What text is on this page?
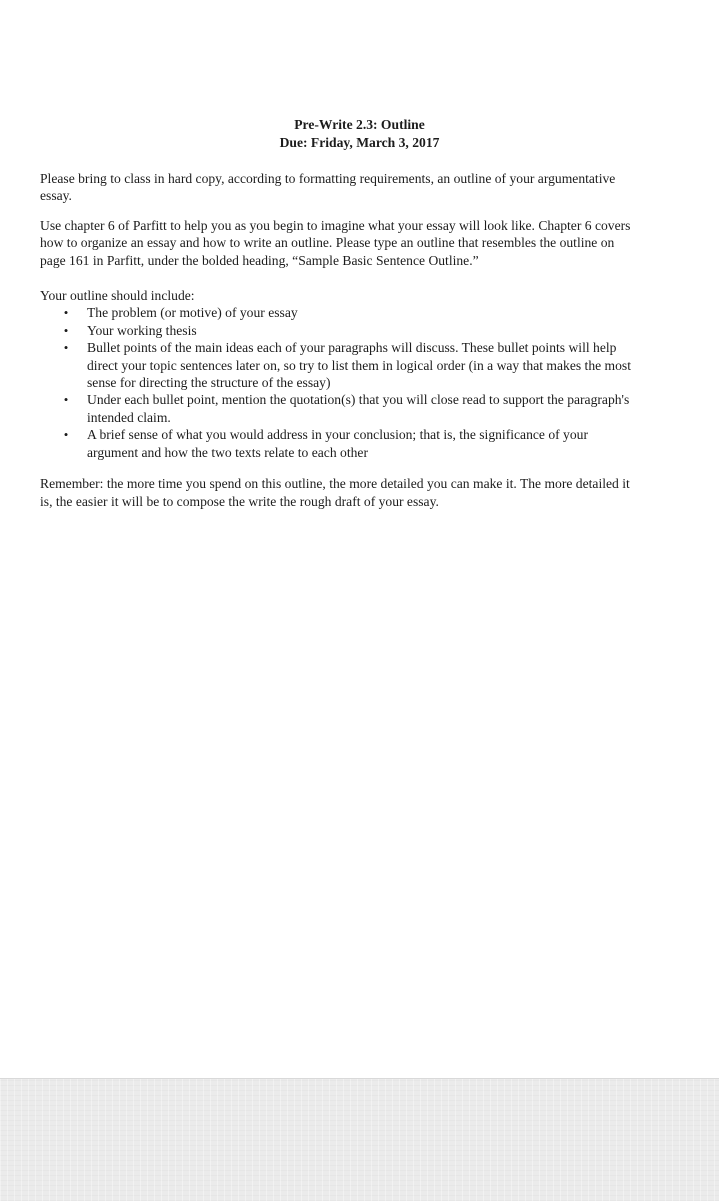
Pre-Write 2.3: Outline
Due: Friday, March 3, 2017

Please bring to class in hard copy, according to formatting requirements, an outline of your argumentative essay.

Use chapter 6 of Parfitt to help you as you begin to imagine what your essay will look like. Chapter 6 covers how to organize an essay and how to write an outline. Please type an outline that resembles the outline on page 161 in Parfitt, under the bolded heading, “Sample Basic Sentence Outline.”

Your outline should include:

• The problem (or motive) of your essay
• Your working thesis
• Bullet points of the main ideas each of your paragraphs will discuss. These bullet points will help direct your topic sentences later on, so try to list them in logical order (in a way that makes the most sense for directing the structure of the essay)
• Under each bullet point, mention the quotation(s) that you will close read to support the paragraph's intended claim.
• A brief sense of what you would address in your conclusion; that is, the significance of your argument and how the two texts relate to each other

Remember: the more time you spend on this outline, the more detailed you can make it. The more detailed it is, the easier it will be to compose the write the rough draft of your essay.
